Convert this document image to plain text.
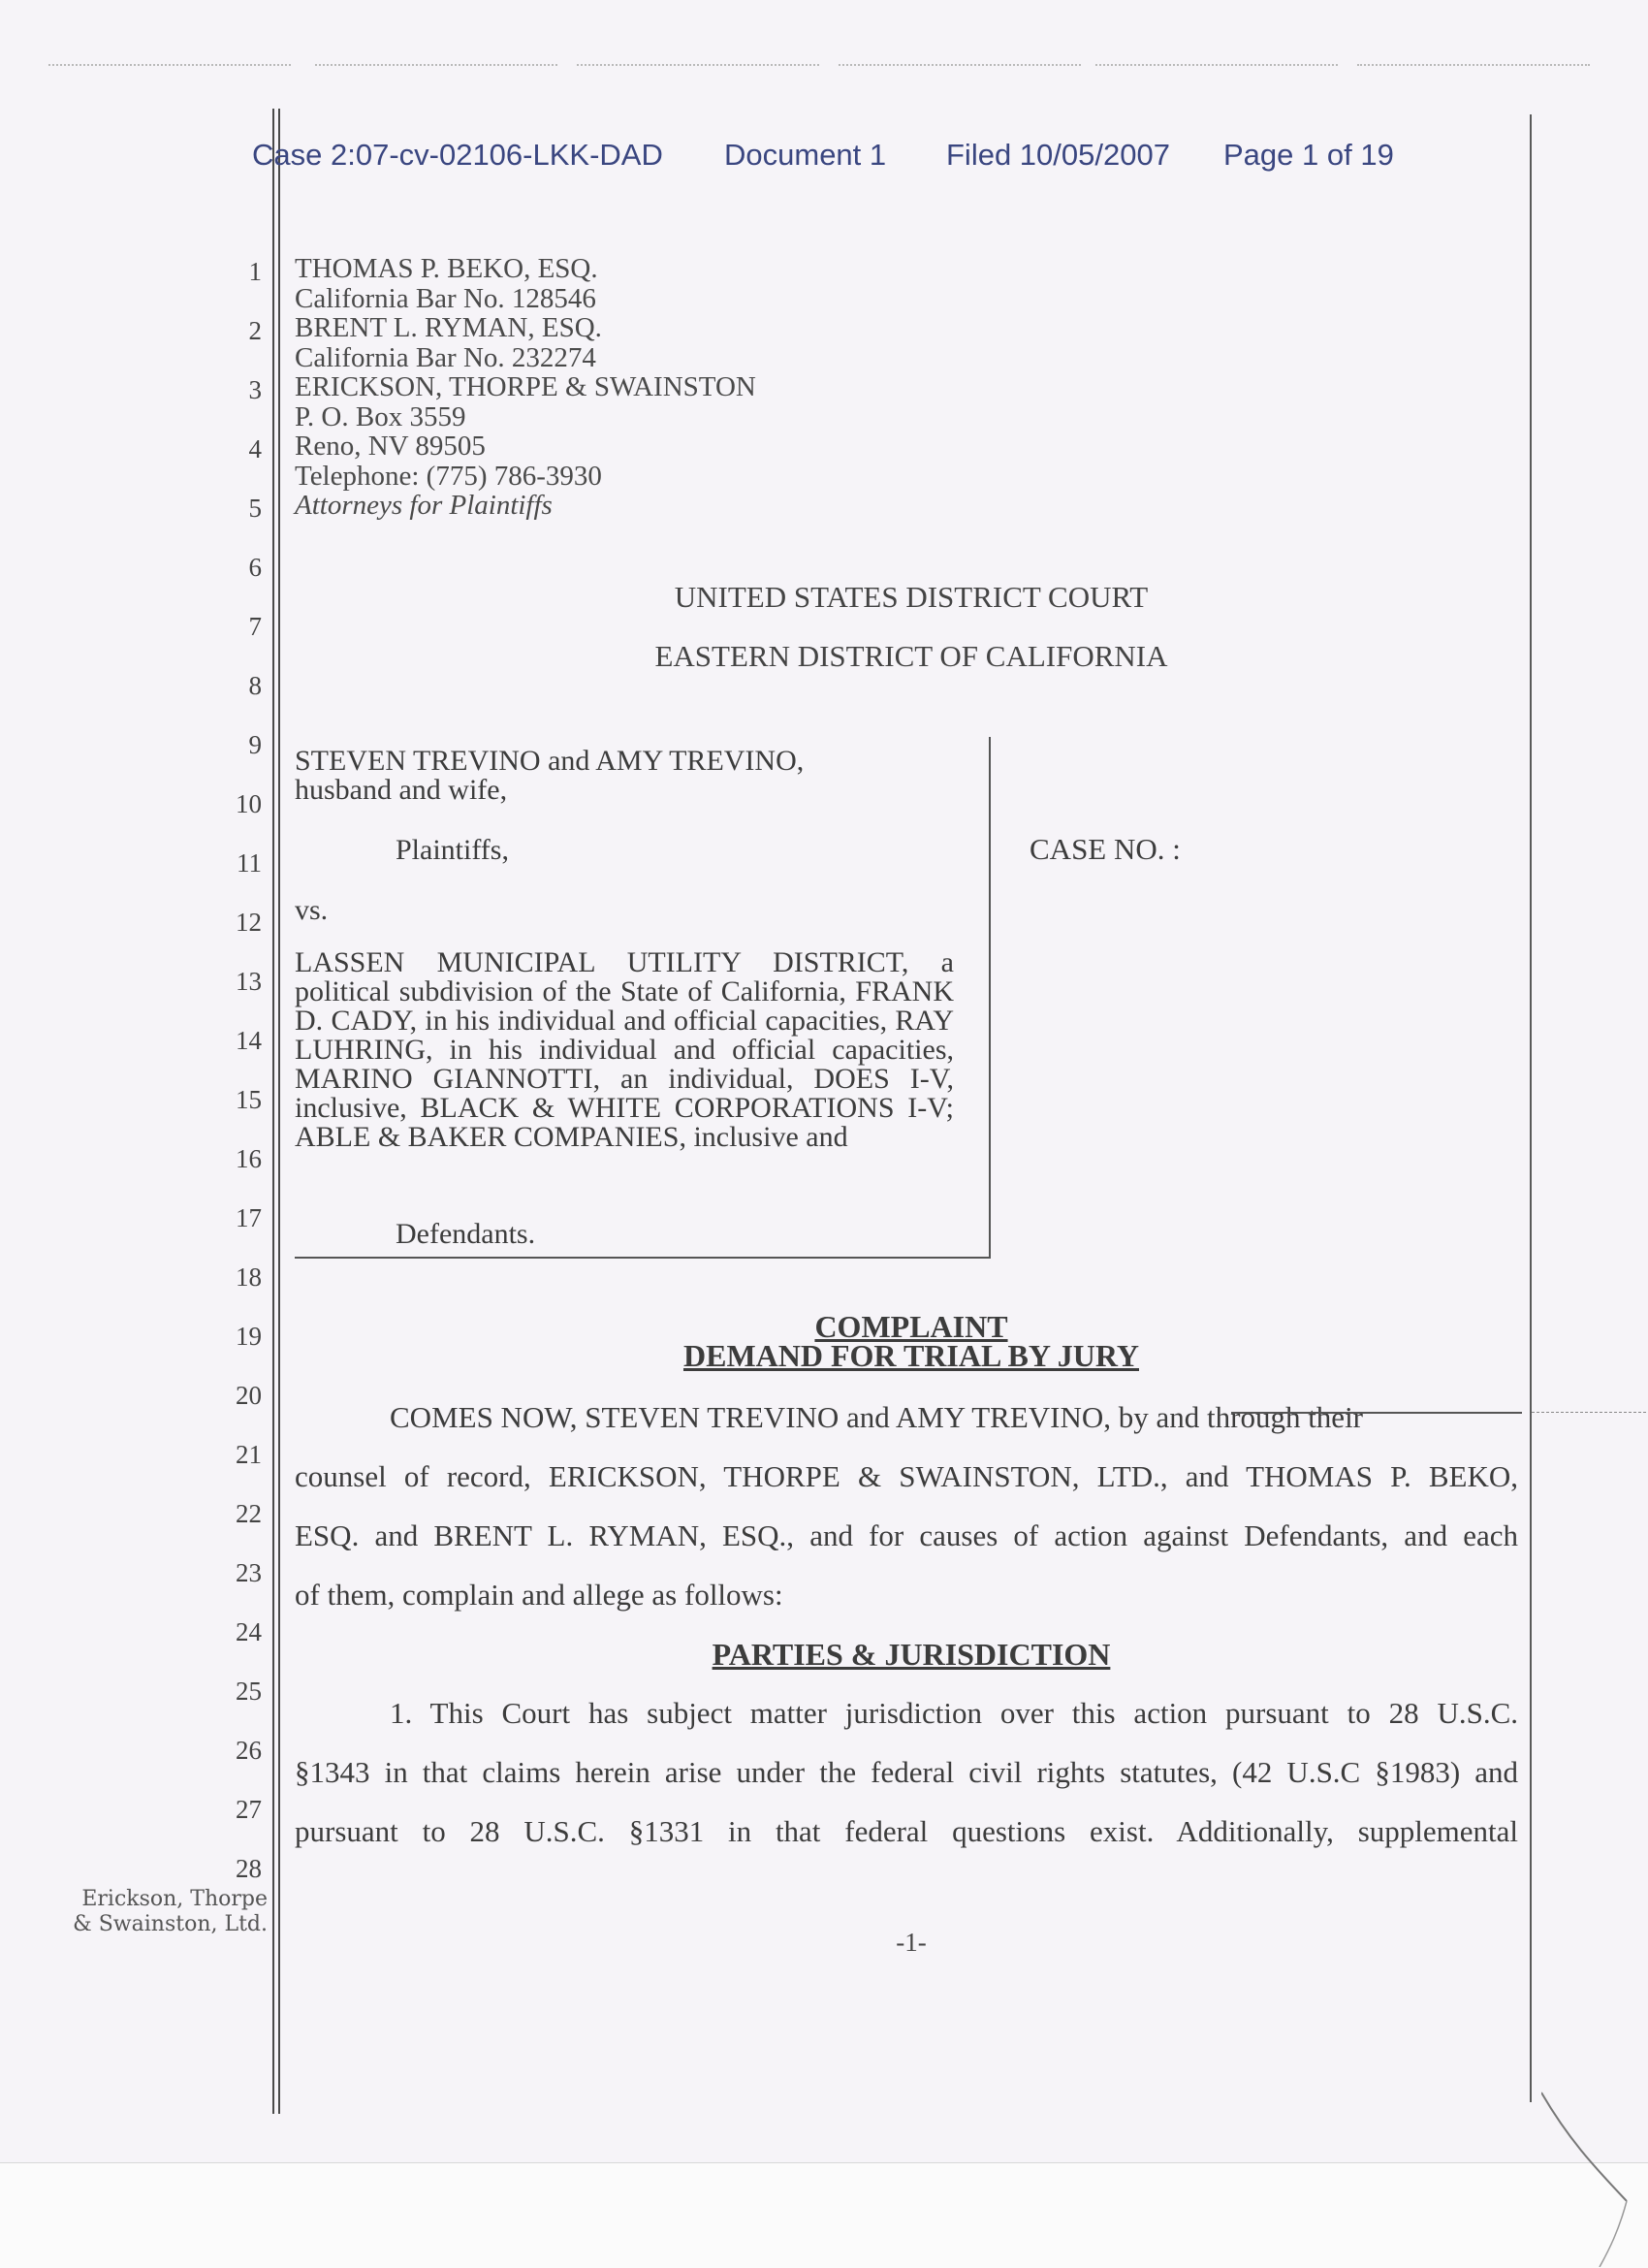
Case 2:07-cv-02106-LKK-DAD Document 1 Filed 10/05/2007 Page 1 of 19
1
2
3
4
5
6
7
8
9
10
11
12
13
14
15
16
17
18
19
20
21
22
23
24
25
26
27
28
THOMAS P. BEKO, ESQ.
California Bar No. 128546
BRENT L. RYMAN, ESQ.
California Bar No. 232274
ERICKSON, THORPE & SWAINSTON
P. O. Box 3559
Reno, NV 89505
Telephone: (775) 786-3930
Attorneys for Plaintiffs
UNITED STATES DISTRICT COURT
EASTERN DISTRICT OF CALIFORNIA
STEVEN TREVINO and AMY TREVINO,
husband and wife,
Plaintiffs,
vs.
LASSEN MUNICIPAL UTILITY DISTRICT, a political subdivision of the State of California, FRANK D. CADY, in his individual and official capacities, RAY LUHRING, in his individual and official capacities, MARINO GIANNOTTI, an individual, DOES I-V, inclusive, BLACK & WHITE CORPORATIONS I-V; ABLE & BAKER COMPANIES, inclusive and
Defendants.
CASE NO. :
COMPLAINT
DEMAND FOR TRIAL BY JURY
COMES NOW, STEVEN TREVINO and AMY TREVINO, by and through their
counsel of record, ERICKSON, THORPE & SWAINSTON, LTD., and THOMAS P. BEKO,
ESQ. and BRENT L. RYMAN, ESQ., and for causes of action against Defendants, and each
of them, complain and allege as follows:
PARTIES & JURISDICTION
1. This Court has subject matter jurisdiction over this action pursuant to 28 U.S.C.
§1343 in that claims herein arise under the federal civil rights statutes, (42 U.S.C §1983) and
pursuant to 28 U.S.C. §1331 in that federal questions exist. Additionally, supplemental
Erickson, Thorpe
& Swainston, Ltd.
-1-
